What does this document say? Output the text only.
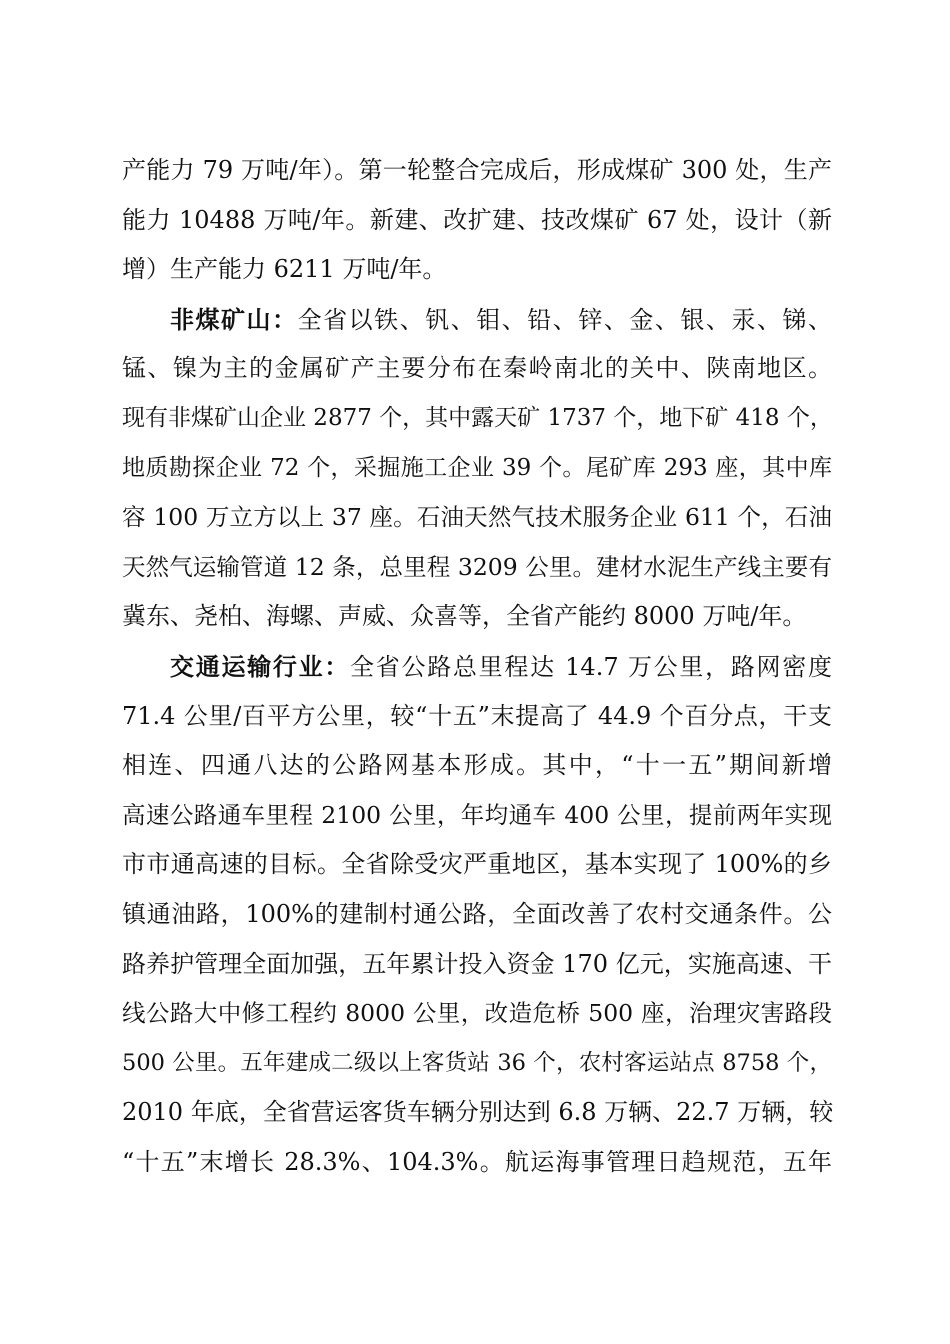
产能力 79 万吨/年）。第一轮整合完成后，形成煤矿 300 处，生产
能力 10488 万吨/年。新建、改扩建、技改煤矿 67 处，设计（新
增）生产能力 6211 万吨/年。
非煤矿山：全省以铁、钒、钼、铅、锌、金、银、汞、锑、
锰、镍为主的金属矿产主要分布在秦岭南北的关中、陕南地区。
现有非煤矿山企业 2877 个，其中露天矿 1737 个，地下矿 418 个，
地质勘探企业 72 个，采掘施工企业 39 个。尾矿库 293 座，其中库
容 100 万立方以上 37 座。石油天然气技术服务企业 611 个，石油
天然气运输管道 12 条，总里程 3209 公里。建材水泥生产线主要有
冀东、尧柏、海螺、声威、众喜等，全省产能约 8000 万吨/年。
交通运输行业：全省公路总里程达 14.7 万公里，路网密度
71.4 公里/百平方公里，较“十五”末提高了 44.9 个百分点，干支
相连、四通八达的公路网基本形成。其中，“十一五”期间新增
高速公路通车里程 2100 公里，年均通车 400 公里，提前两年实现
市市通高速的目标。全省除受灾严重地区，基本实现了 100%的乡
镇通油路，100%的建制村通公路，全面改善了农村交通条件。公
路养护管理全面加强，五年累计投入资金 170 亿元，实施高速、干
线公路大中修工程约 8000 公里，改造危桥 500 座，治理灾害路段
500 公里。五年建成二级以上客货站 36 个，农村客运站点 8758 个，
2010 年底，全省营运客货车辆分别达到 6.8 万辆、22.7 万辆，较
“十五”末增长 28.3%、104.3%。航运海事管理日趋规范，五年
